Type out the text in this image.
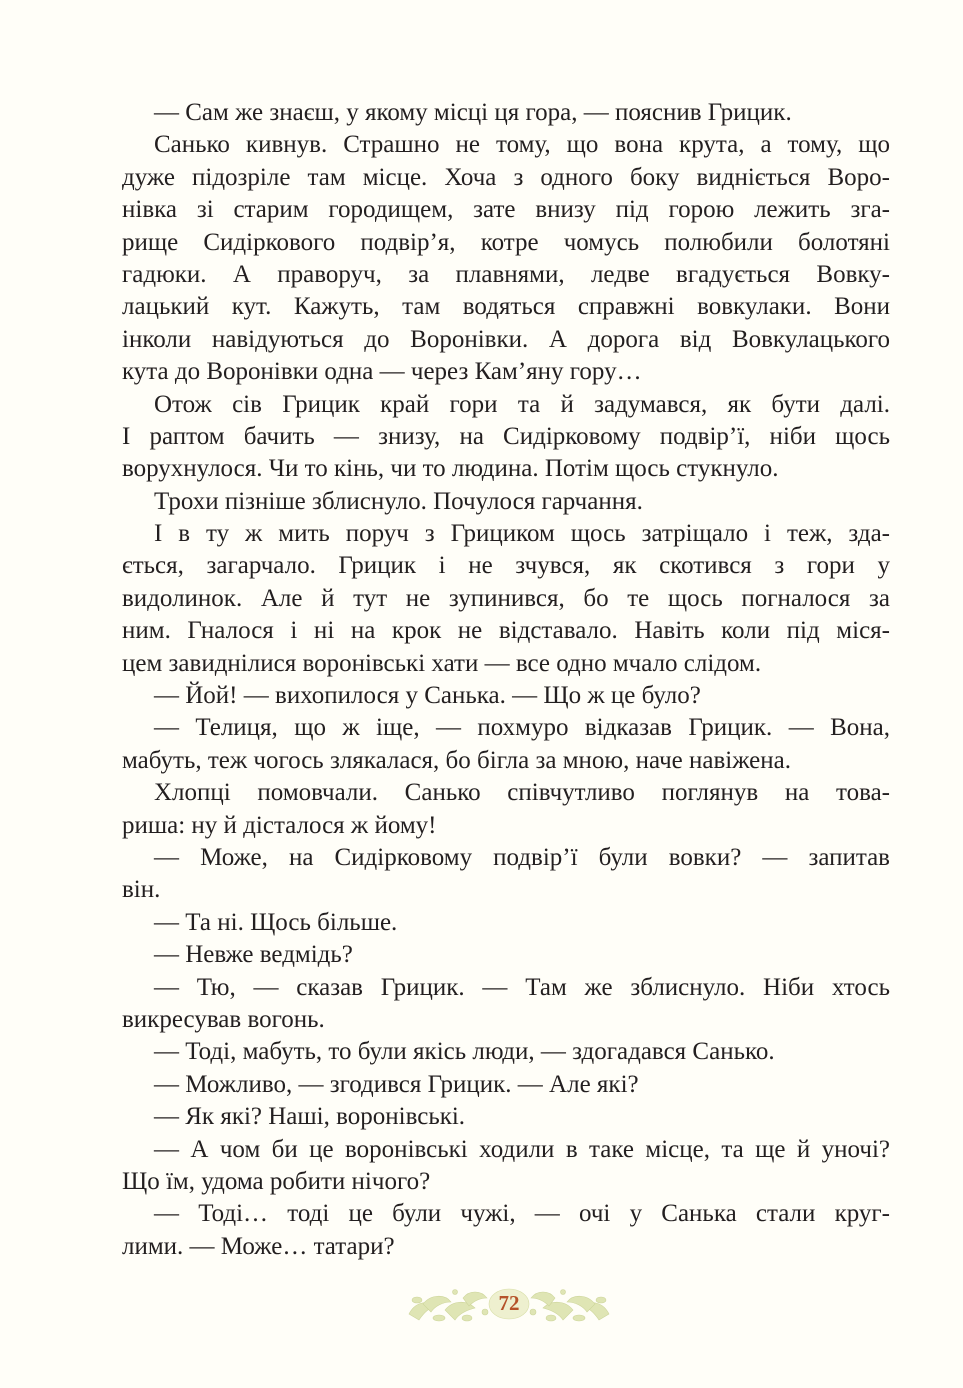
— Сам же знаєш, у якому місці ця гора, — пояснив Грицик.
Санько кивнув. Страшно не тому, що вона крута, а тому, що
дуже підозріле там місце. Хоча з одного боку видніється Воро-
нівка зі старим городищем, зате внизу під горою лежить зга-
рище Сидіркового подвір’я, котре чомусь полюбили болотяні
гадюки. А праворуч, за плавнями, ледве вгадується Вовку-
лацький кут. Кажуть, там водяться справжні вовкулаки. Вони
інколи навідуються до Воронівки. А дорога від Вовкулацького
кута до Воронівки одна — через Кам’яну гору…
Отож сів Грицик край гори та й задумався, як бути далі.
І раптом бачить — знизу, на Сидірковому подвір’ї, ніби щось
ворухнулося. Чи то кінь, чи то людина. Потім щось стукнуло.
Трохи пізніше зблиснуло. Почулося гарчання.
І в ту ж мить поруч з Грициком щось затріщало і теж, зда-
ється, загарчало. Грицик і не зчувся, як скотився з гори у
видолинок. Але й тут не зупинився, бо те щось погналося за
ним. Гналося і ні на крок не відставало. Навіть коли під міся-
цем завиднілися воронівські хати — все одно мчало слідом.
— Йой! — вихопилося у Санька. — Що ж це було?
— Телиця, що ж іще, — похмуро відказав Грицик. — Вона,
мабуть, теж чогось злякалася, бо бігла за мною, наче навіжена.
Хлопці помовчали. Санько співчутливо поглянув на това-
риша: ну й дісталося ж йому!
— Може, на Сидірковому подвір’ї були вовки? — запитав
він.
— Та ні. Щось більше.
— Невже ведмідь?
— Тю, — сказав Грицик. — Там же зблиснуло. Ніби хтось
викресував вогонь.
— Тоді, мабуть, то були якісь люди, — здогадався Санько.
— Можливо, — згодився Грицик. — Але які?
— Як які? Наші, воронівські.
— А чом би це воронівські ходили в таке місце, та ще й уночі?
Що їм, удома робити нічого?
— Тоді… тоді це були чужі, — очі у Санька стали круг-
лими. — Може… татари?
72
